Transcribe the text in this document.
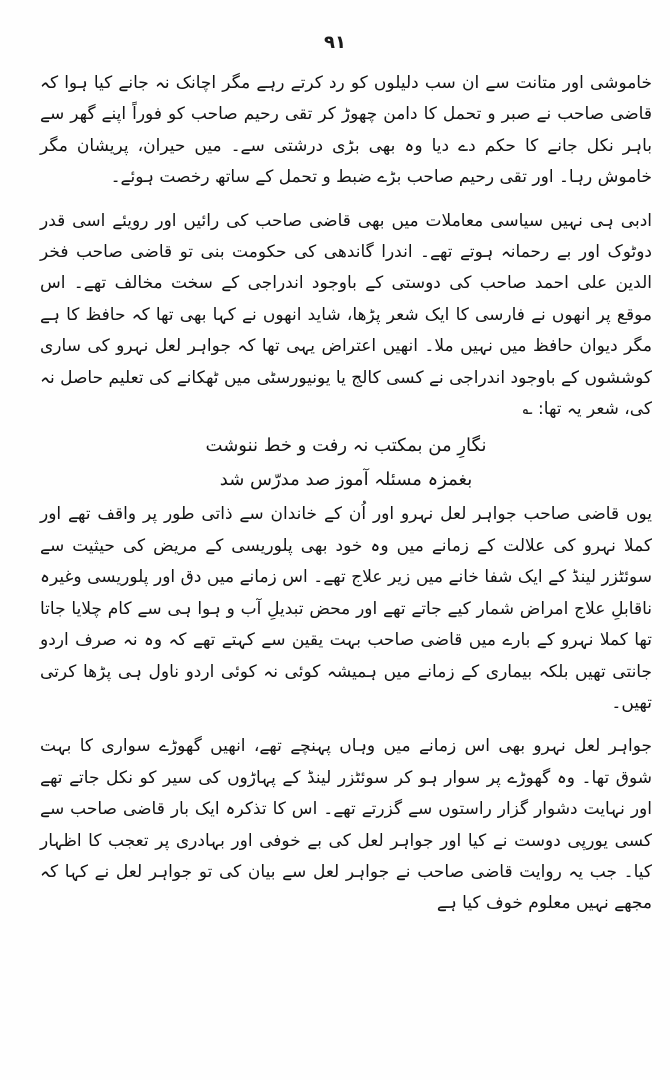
۹۱

خاموشی اور متانت سے ان سب دلیلوں کو رد کرتے رہے مگر اچانک نہ جانے کیا ہوا کہ قاضی صاحب نے صبر و تحمل کا دامن چھوڑ کر تقی رحیم صاحب کو فوراً اپنے گھر سے باہر نکل جانے کا حکم دے دیا وہ بھی بڑی درشتی سے۔ میں حیران، پریشان مگر خاموش رہا۔ اور تقی رحیم صاحب بڑے ضبط و تحمل کے ساتھ رخصت ہوئے۔

ادبی ہی نہیں سیاسی معاملات میں بھی قاضی صاحب کی رائیں اور رویئے اسی قدر دوٹوک اور بے رحمانہ ہوتے تھے۔ اندرا گاندھی کی حکومت بنی تو قاضی صاحب فخر الدین علی احمد صاحب کی دوستی کے باوجود اندراجی کے سخت مخالف تھے۔ اس موقع پر انھوں نے فارسی کا ایک شعر پڑھا، شاید انھوں نے کہا بھی تھا کہ حافظ کا ہے مگر دیوان حافظ میں نہیں ملا۔ انھیں اعتراض یہی تھا کہ جواہر لعل نہرو کی ساری کوششوں کے باوجود اندراجی نے کسی کالج یا یونیورسٹی میں ٹھکانے کی تعلیم حاصل نہ کی، شعر یہ تھا: ؎

نگارِ من بمکتب نہ رفت و خط ننوشت
بغمزہ مسئلہ آموز صد مدرّس شد

یوں قاضی صاحب جواہر لعل نہرو اور اُن کے خاندان سے ذاتی طور پر واقف تھے اور کملا نہرو کی علالت کے زمانے میں وہ خود بھی پلوریسی کے مریض کی حیثیت سے سوئٹزر لینڈ کے ایک شفا خانے میں زیر علاج تھے۔ اس زمانے میں دق اور پلوریسی وغیرہ ناقابلِ علاج امراض شمار کیے جاتے تھے اور محض تبدیلِ آب و ہوا ہی سے کام چلایا جاتا تھا کملا نہرو کے بارے میں قاضی صاحب بہت یقین سے کہتے تھے کہ وہ نہ صرف اردو جانتی تھیں بلکہ بیماری کے زمانے میں ہمیشہ کوئی نہ کوئی اردو ناول ہی پڑھا کرتی تھیں۔

جواہر لعل نہرو بھی اس زمانے میں وہاں پہنچے تھے، انھیں گھوڑے سواری کا بہت شوق تھا۔ وہ گھوڑے پر سوار ہو کر سوئٹزر لینڈ کے پہاڑوں کی سیر کو نکل جاتے تھے اور نہایت دشوار گزار راستوں سے گزرتے تھے۔ اس کا تذکرہ ایک بار قاضی صاحب سے کسی یورپی دوست نے کیا اور جواہر لعل کی بے خوفی اور بہادری پر تعجب کا اظہار کیا۔ جب یہ روایت قاضی صاحب نے جواہر لعل سے بیان کی تو جواہر لعل نے کہا کہ مجھے نہیں معلوم خوف کیا ہے
